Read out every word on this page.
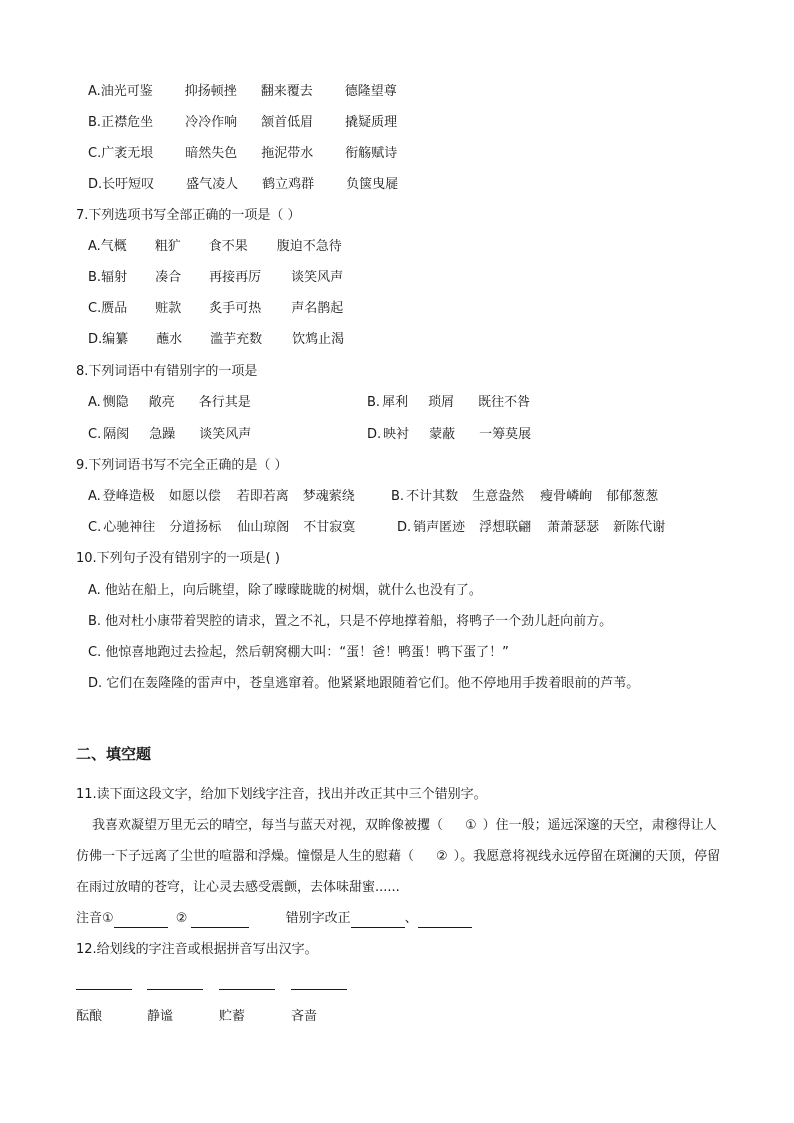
A.油光可鉴 抑扬顿挫 翻来覆去 德隆望尊
B.正襟危坐 冷冷作响 颔首低眉 撬疑质理
C.广袤无垠 暗然失色 拖泥带水 衔觞赋诗
D.长吁短叹 盛气凌人 鹤立鸡群 负箧曳屣
7.下列选项书写全部正确的一项是（ ）
A.气概 粗犷 食不果 腹迫不急待
B.辐射 凑合 再接再厉 谈笑风声
C.赝品 赃款 炙手可热 声名鹊起
D.编纂 蘸水 滥芋充数 饮鸩止渴
8.下列词语中有错别字的一项是
A. 恻隐 敞亮 各行其是	B. 犀利 琐屑 既往不咎
C. 隔阂 急躁 谈笑风声	D. 映衬 蒙蔽 一筹莫展
9.下列词语书写不完全正确的是（ ）
A. 登峰造极 如愿以偿 若即若离 梦魂萦绕	B. 不计其数 生意盎然 瘦骨嶙峋 郁郁葱葱
C. 心驰神往 分道扬标 仙山琼阁 不甘寂寞	D. 销声匿迹 浮想联翩 萧萧瑟瑟 新陈代谢
10.下列句子没有错别字的一项是( )
A. 他站在船上，向后眺望，除了曚曚眬眬的树烟，就什么也没有了。
B. 他对杜小康带着哭腔的请求，置之不礼，只是不停地撑着船，将鸭子一个劲儿赶向前方。
C. 他惊喜地跑过去捡起，然后朝窝棚大叫：“蛋！爸！鸭蛋！鸭下蛋了！”
D. 它们在轰隆隆的雷声中，苍皇逃窜着。他紧紧地跟随着它们。他不停地用手拨着眼前的芦苇。
二、填空题
11.读下面这段文字，给加下划线字注音，找出并改正其中三个错别字。
我喜欢凝望万里无云的晴空，每当与蓝天对视，双眸像被攫（ ① ）住一般；遥远深邃的天空，肃穆得让人仿佛一下子远离了尘世的喧嚣和浮燥。憧憬是人生的慰藉（ ② ）。我愿意将视线永远停留在斑澜的天顶，停留在雨过放晴的苍穹，让心灵去感受震颤，去体味甜蜜......
注音①	②	错别字改正	、
12.给划线的字注音或根据拼音写出汉字。
酝酿	静谧	贮蓄	吝啬
